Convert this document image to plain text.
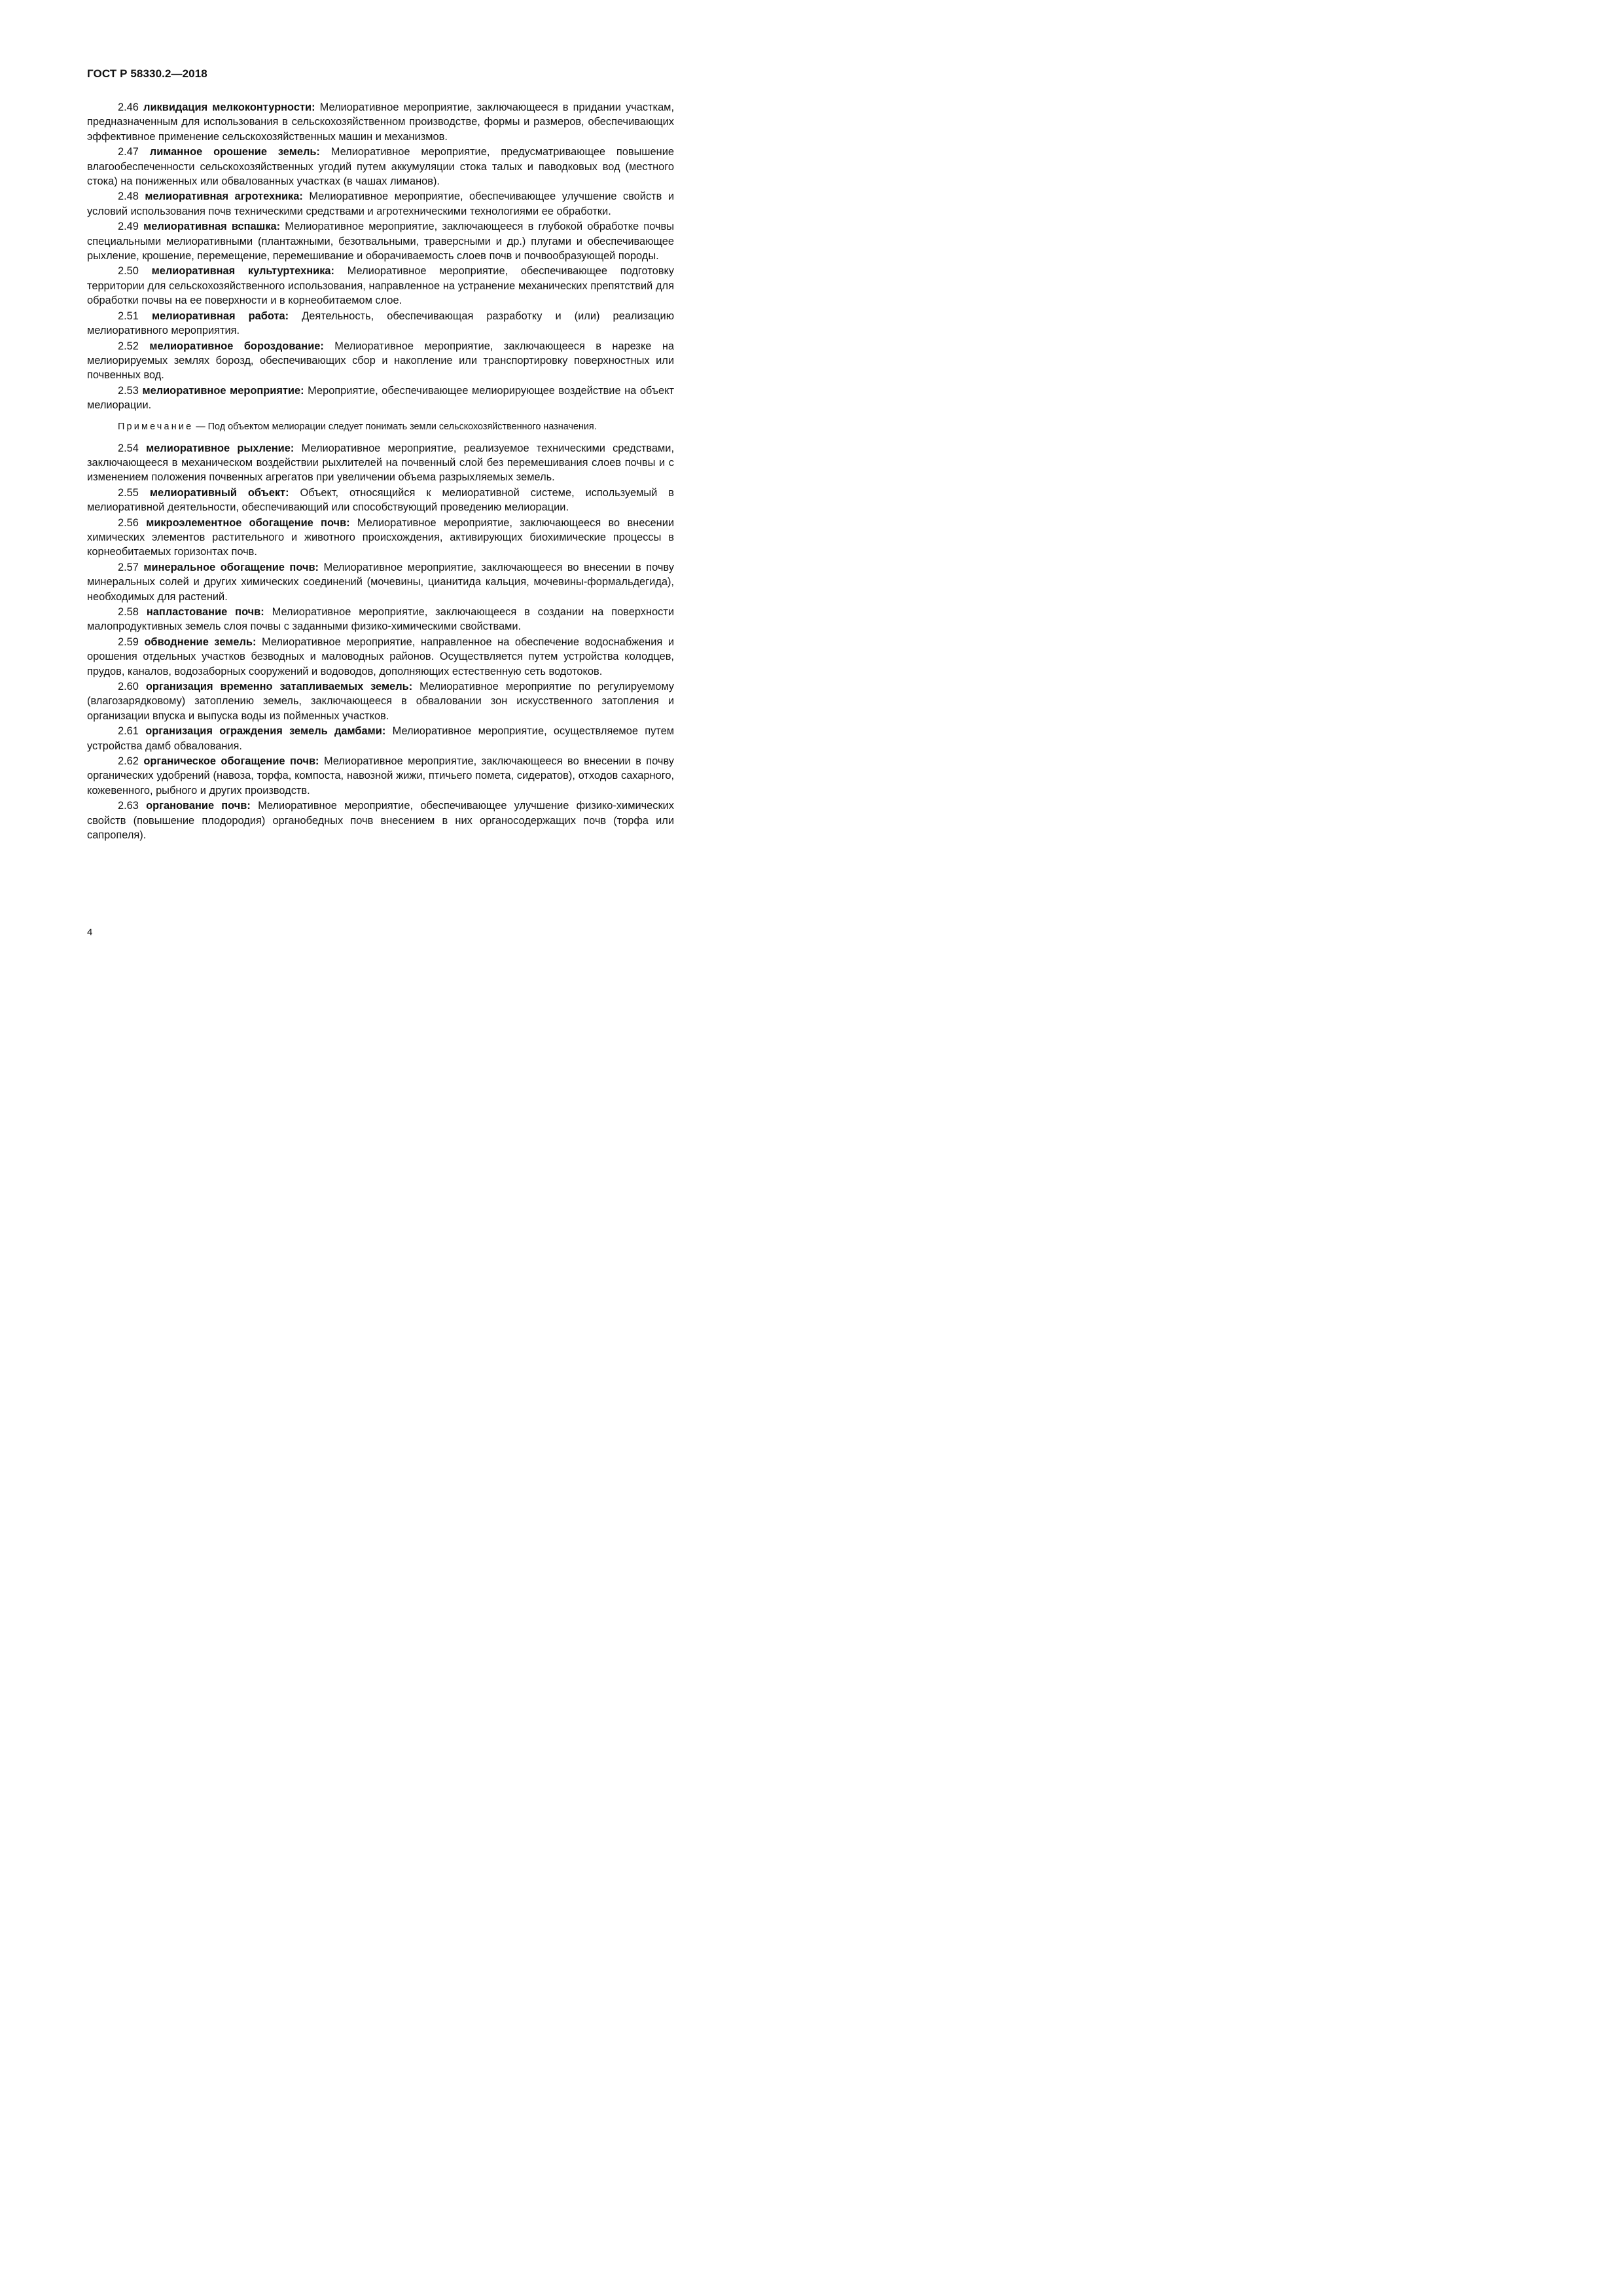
ГОСТ Р 58330.2—2018

2.46 ликвидация мелкоконтурности: Мелиоративное мероприятие, заключающееся в придании участкам, предназначенным для использования в сельскохозяйственном производстве, формы и размеров, обеспечивающих эффективное применение сельскохозяйственных машин и механизмов.

2.47 лиманное орошение земель: Мелиоративное мероприятие, предусматривающее повышение влагообеспеченности сельскохозяйственных угодий путем аккумуляции стока талых и паводковых вод (местного стока) на пониженных или обвалованных участках (в чашах лиманов).

2.48 мелиоративная агротехника: Мелиоративное мероприятие, обеспечивающее улучшение свойств и условий использования почв техническими средствами и агротехническими технологиями ее обработки.

2.49 мелиоративная вспашка: Мелиоративное мероприятие, заключающееся в глубокой обработке почвы специальными мелиоративными (плантажными, безотвальными, траверсными и др.) плугами и обеспечивающее рыхление, крошение, перемещение, перемешивание и оборачиваемость слоев почв и почвообразующей породы.

2.50 мелиоративная культуртехника: Мелиоративное мероприятие, обеспечивающее подготовку территории для сельскохозяйственного использования, направленное на устранение механических препятствий для обработки почвы на ее поверхности и в корнеобитаемом слое.

2.51 мелиоративная работа: Деятельность, обеспечивающая разработку и (или) реализацию мелиоративного мероприятия.

2.52 мелиоративное бороздование: Мелиоративное мероприятие, заключающееся в нарезке на мелиорируемых землях борозд, обеспечивающих сбор и накопление или транспортировку поверхностных или почвенных вод.

2.53 мелиоративное мероприятие: Мероприятие, обеспечивающее мелиорирующее воздействие на объект мелиорации.

Примечание — Под объектом мелиорации следует понимать земли сельскохозяйственного назначения.

2.54 мелиоративное рыхление: Мелиоративное мероприятие, реализуемое техническими средствами, заключающееся в механическом воздействии рыхлителей на почвенный слой без перемешивания слоев почвы и с изменением положения почвенных агрегатов при увеличении объема разрыхляемых земель.

2.55 мелиоративный объект: Объект, относящийся к мелиоративной системе, используемый в мелиоративной деятельности, обеспечивающий или способствующий проведению мелиорации.

2.56 микроэлементное обогащение почв: Мелиоративное мероприятие, заключающееся во внесении химических элементов растительного и животного происхождения, активирующих биохимические процессы в корнеобитаемых горизонтах почв.

2.57 минеральное обогащение почв: Мелиоративное мероприятие, заключающееся во внесении в почву минеральных солей и других химических соединений (мочевины, цианитида кальция, мочевины-формальдегида), необходимых для растений.

2.58 напластование почв: Мелиоративное мероприятие, заключающееся в создании на поверхности малопродуктивных земель слоя почвы с заданными физико-химическими свойствами.

2.59 обводнение земель: Мелиоративное мероприятие, направленное на обеспечение водоснабжения и орошения отдельных участков безводных и маловодных районов. Осуществляется путем устройства колодцев, прудов, каналов, водозаборных сооружений и водоводов, дополняющих естественную сеть водотоков.

2.60 организация временно затапливаемых земель: Мелиоративное мероприятие по регулируемому (влагозарядковому) затоплению земель, заключающееся в обваловании зон искусственного затопления и организации впуска и выпуска воды из пойменных участков.

2.61 организация ограждения земель дамбами: Мелиоративное мероприятие, осуществляемое путем устройства дамб обвалования.

2.62 органическое обогащение почв: Мелиоративное мероприятие, заключающееся во внесении в почву органических удобрений (навоза, торфа, компоста, навозной жижи, птичьего помета, сидератов), отходов сахарного, кожевенного, рыбного и других производств.

2.63 органование почв: Мелиоративное мероприятие, обеспечивающее улучшение физико-химических свойств (повышение плодородия) органобедных почв внесением в них органосодержащих почв (торфа или сапропеля).

4
